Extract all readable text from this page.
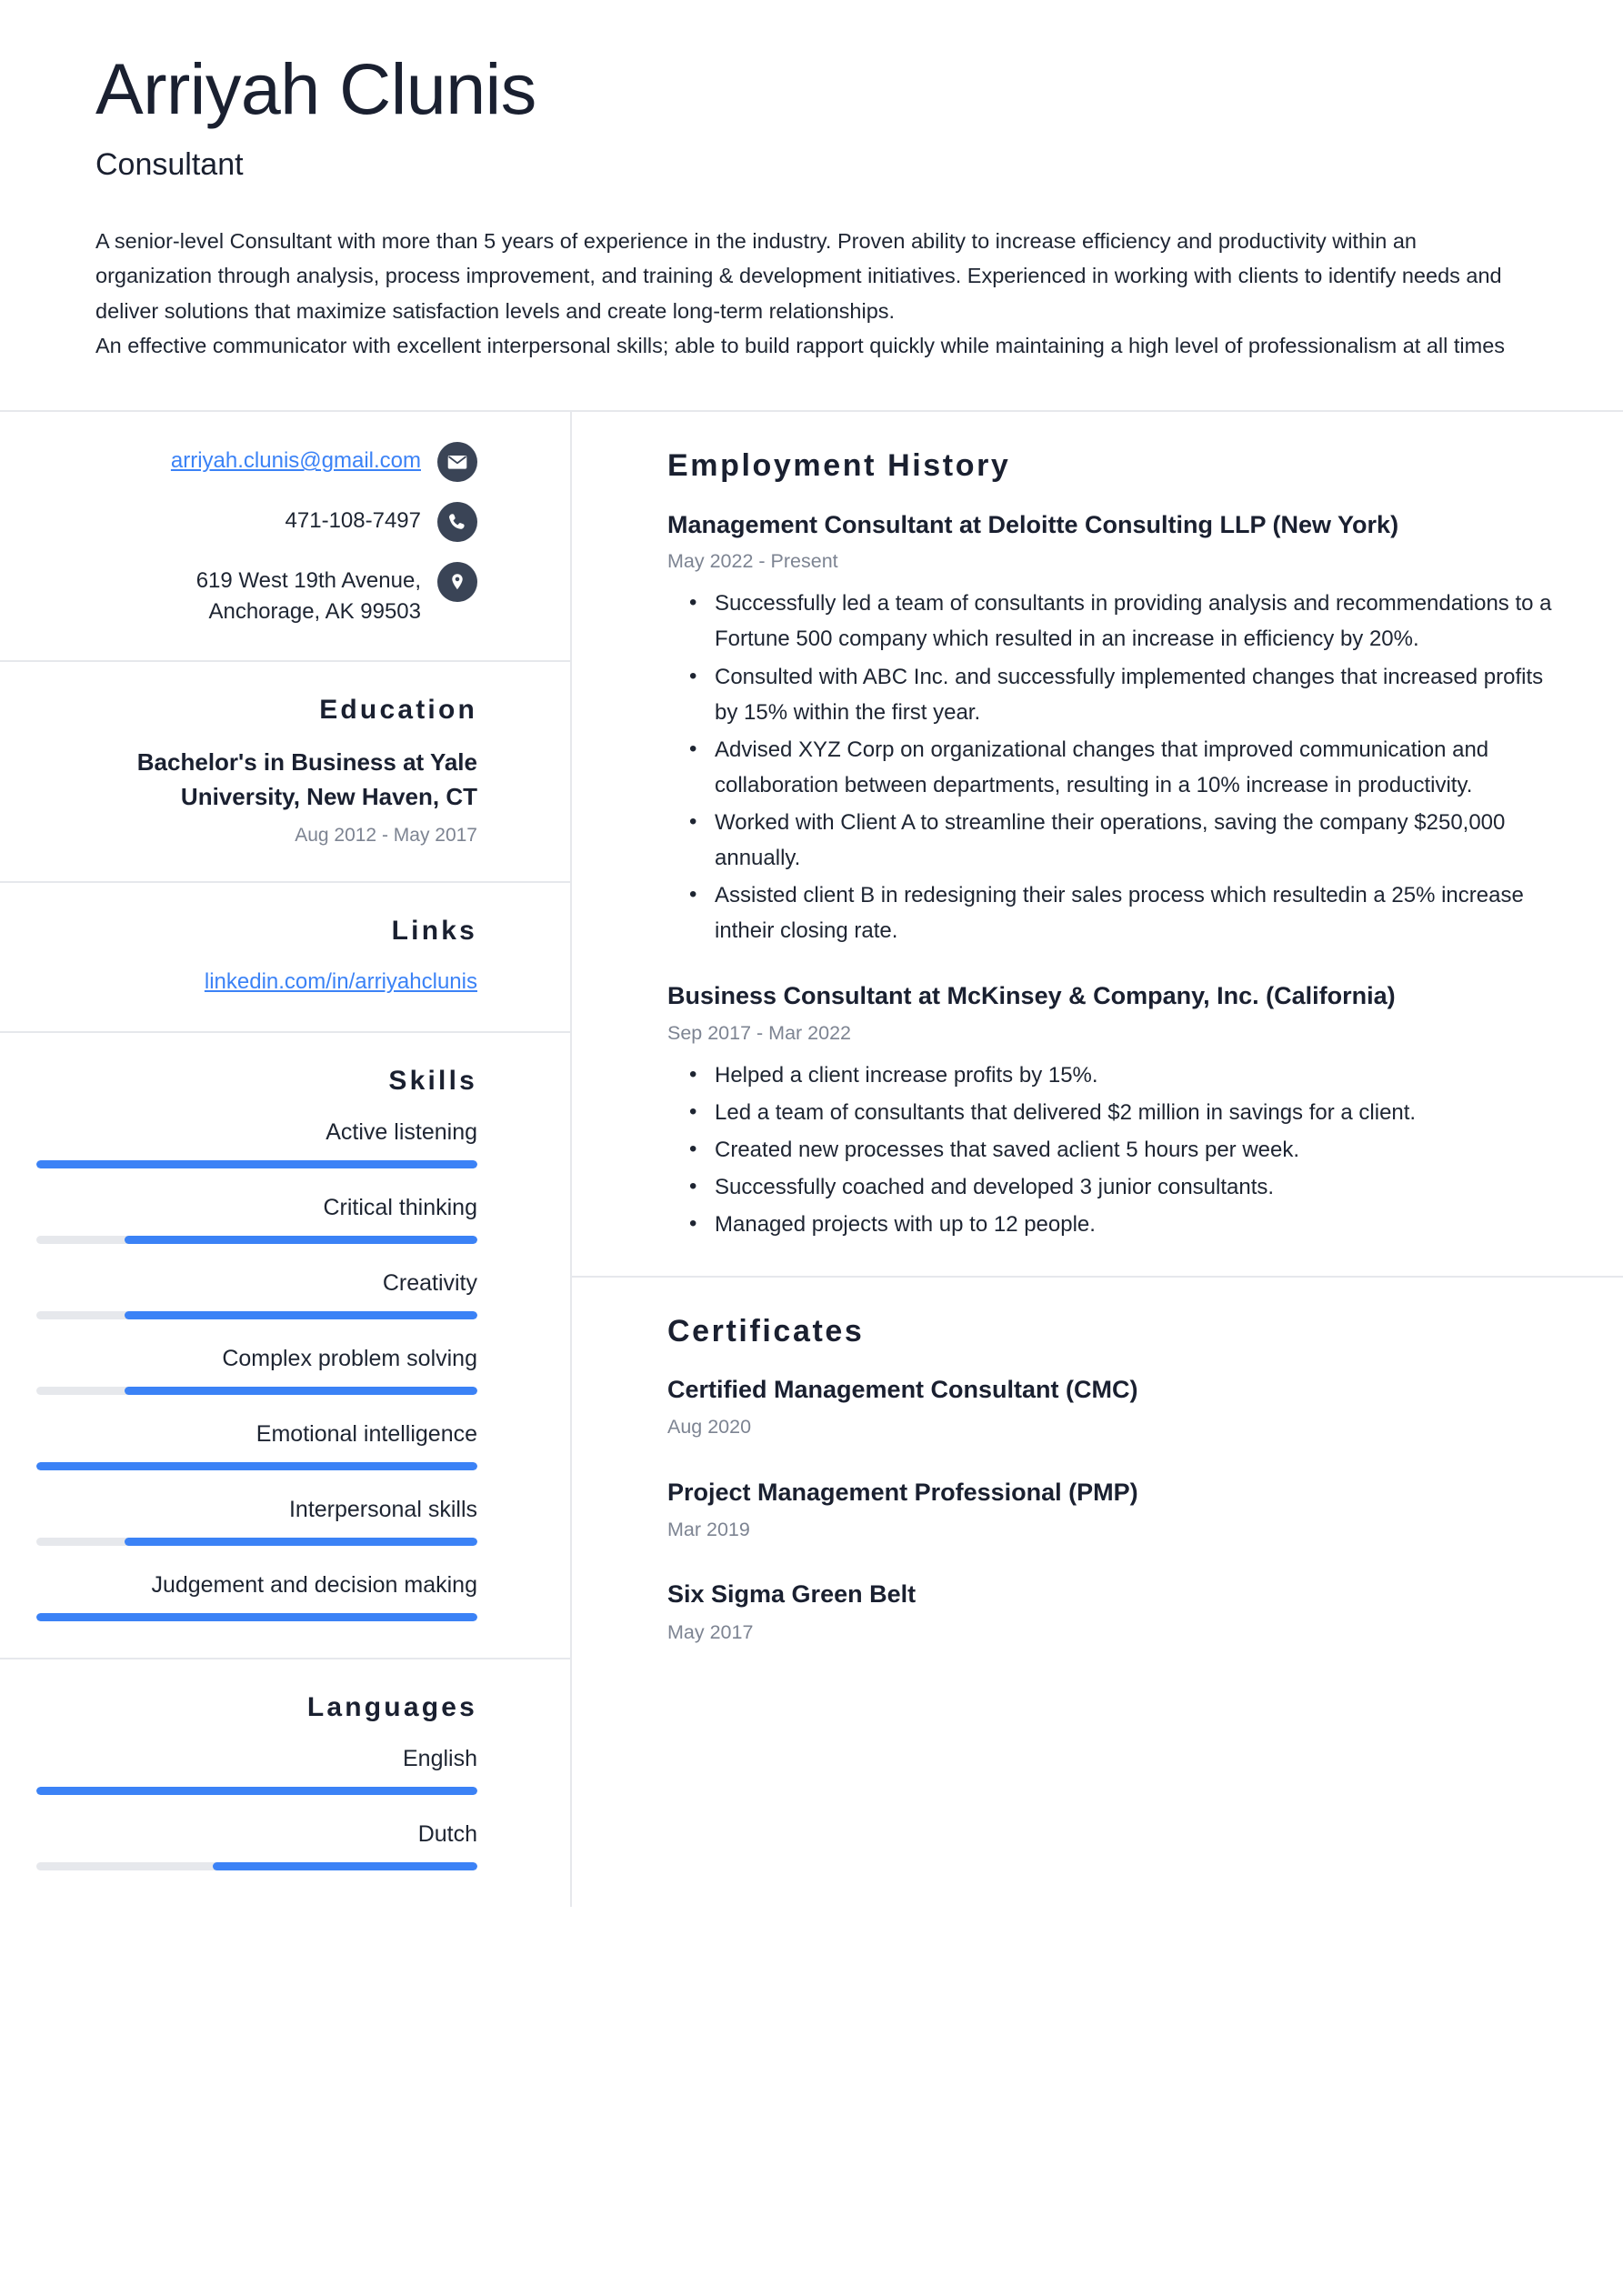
Arriyah Clunis
Consultant

A senior-level Consultant with more than 5 years of experience in the industry. Proven ability to increase efficiency and productivity within an organization through analysis, process improvement, and training & development initiatives. Experienced in working with clients to identify needs and deliver solutions that maximize satisfaction levels and create long-term relationships.

An effective communicator with excellent interpersonal skills; able to build rapport quickly while maintaining a high level of professionalism at all times

arriyah.clunis@gmail.com
471-108-7497
619 West 19th Avenue,
Anchorage, AK 99503
Education
Bachelor's in Business at Yale University, New Haven, CT
Aug 2012 - May 2017
Links
linkedin.com/in/arriyahclunis
Skills
Active listening
Critical thinking
Creativity
Complex problem solving
Emotional intelligence
Interpersonal skills
Judgement and decision making
Languages
English
Dutch
Employment History
Management Consultant at Deloitte Consulting LLP (New York)
May 2022 - Present
• Successfully led a team of consultants in providing analysis and recommendations to a Fortune 500 company which resulted in an increase in efficiency by 20%.
• Consulted with ABC Inc. and successfully implemented changes that increased profits by 15% within the first year.
• Advised XYZ Corp on organizational changes that improved communication and collaboration between departments, resulting in a 10% increase in productivity.
• Worked with Client A to streamline their operations, saving the company $250,000 annually.
• Assisted client B in redesigning their sales process which resultedin a 25% increase intheir closing rate.
Business Consultant at McKinsey & Company, Inc. (California)
Sep 2017 - Mar 2022
• Helped a client increase profits by 15%.
• Led a team of consultants that delivered $2 million in savings for a client.
• Created new processes that saved aclient 5 hours per week.
• Successfully coached and developed 3 junior consultants.
• Managed projects with up to 12 people.
Certificates
Certified Management Consultant (CMC)
Aug 2020
Project Management Professional (PMP)
Mar 2019
Six Sigma Green Belt
May 2017
